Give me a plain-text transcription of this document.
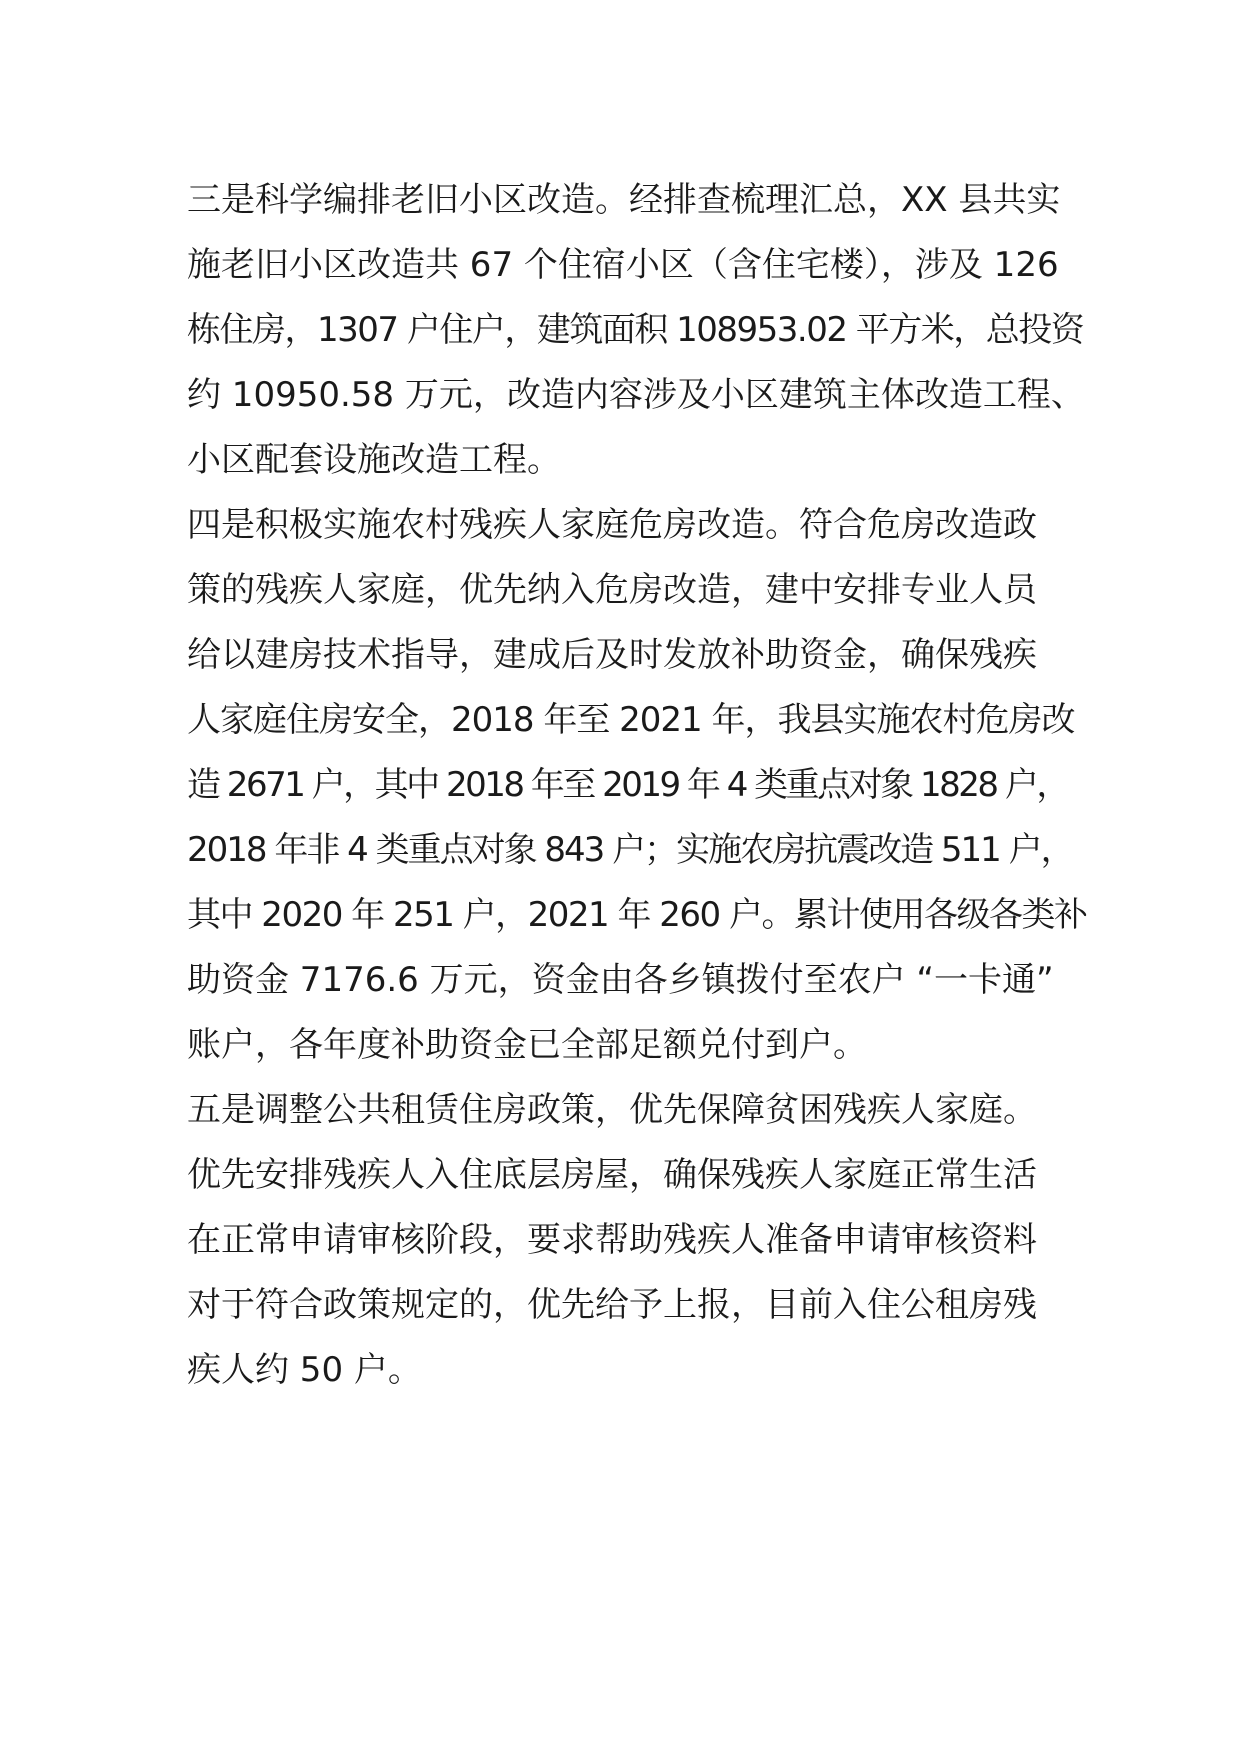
三是科学编排老旧小区改造。经排查梳理汇总，XX 县共实
施老旧小区改造共 67 个住宿小区（含住宅楼），涉及 126
栋住房，1307 户住户，建筑面积 108953.02 平方米，总投资
约 10950.58 万元，改造内容涉及小区建筑主体改造工程、
小区配套设施改造工程。

四是积极实施农村残疾人家庭危房改造。符合危房改造政
策的残疾人家庭，优先纳入危房改造，建中安排专业人员
给以建房技术指导，建成后及时发放补助资金，确保残疾
人家庭住房安全，2018 年至 2021 年，我县实施农村危房改
造 2671 户，其中 2018 年至 2019 年 4 类重点对象 1828 户，
2018 年非 4 类重点对象 843 户；实施农房抗震改造 511 户，
其中 2020 年 251 户，2021 年 260 户。累计使用各级各类补
助资金 7176.6 万元，资金由各乡镇拨付至农户 “一卡通”
账户，各年度补助资金已全部足额兑付到户。

五是调整公共租赁住房政策，优先保障贫困残疾人家庭。
优先安排残疾人入住底层房屋，确保残疾人家庭正常生活
在正常申请审核阶段，要求帮助残疾人准备申请审核资料
对于符合政策规定的，优先给予上报，目前入住公租房残
疾人约 50 户。
